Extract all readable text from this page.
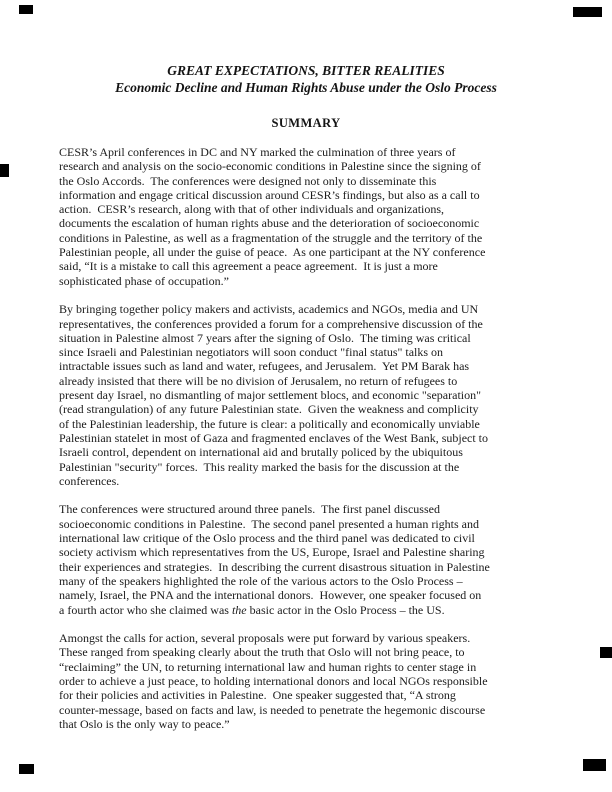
GREAT EXPECTATIONS, BITTER REALITIES
Economic Decline and Human Rights Abuse under the Oslo Process
SUMMARY
CESR’s April conferences in DC and NY marked the culmination of three years of
research and analysis on the socio-economic conditions in Palestine since the signing of
the Oslo Accords.  The conferences were designed not only to disseminate this
information and engage critical discussion around CESR’s findings, but also as a call to
action.  CESR’s research, along with that of other individuals and organizations,
documents the escalation of human rights abuse and the deterioration of socioeconomic
conditions in Palestine, as well as a fragmentation of the struggle and the territory of the
Palestinian people, all under the guise of peace.  As one participant at the NY conference
said, “It is a mistake to call this agreement a peace agreement.  It is just a more
sophisticated phase of occupation.”
By bringing together policy makers and activists, academics and NGOs, media and UN
representatives, the conferences provided a forum for a comprehensive discussion of the
situation in Palestine almost 7 years after the signing of Oslo.  The timing was critical
since Israeli and Palestinian negotiators will soon conduct "final status" talks on
intractable issues such as land and water, refugees, and Jerusalem.  Yet PM Barak has
already insisted that there will be no division of Jerusalem, no return of refugees to
present day Israel, no dismantling of major settlement blocs, and economic "separation"
(read strangulation) of any future Palestinian state.  Given the weakness and complicity
of the Palestinian leadership, the future is clear: a politically and economically unviable
Palestinian statelet in most of Gaza and fragmented enclaves of the West Bank, subject to
Israeli control, dependent on international aid and brutally policed by the ubiquitous
Palestinian "security" forces.  This reality marked the basis for the discussion at the
conferences.
The conferences were structured around three panels.  The first panel discussed
socioeconomic conditions in Palestine.  The second panel presented a human rights and
international law critique of the Oslo process and the third panel was dedicated to civil
society activism which representatives from the US, Europe, Israel and Palestine sharing
their experiences and strategies.  In describing the current disastrous situation in Palestine
many of the speakers highlighted the role of the various actors to the Oslo Process –
namely, Israel, the PNA and the international donors.  However, one speaker focused on
a fourth actor who she claimed was the basic actor in the Oslo Process – the US.
Amongst the calls for action, several proposals were put forward by various speakers.
These ranged from speaking clearly about the truth that Oslo will not bring peace, to
“reclaiming” the UN, to returning international law and human rights to center stage in
order to achieve a just peace, to holding international donors and local NGOs responsible
for their policies and activities in Palestine.  One speaker suggested that, “A strong
counter-message, based on facts and law, is needed to penetrate the hegemonic discourse
that Oslo is the only way to peace.”
